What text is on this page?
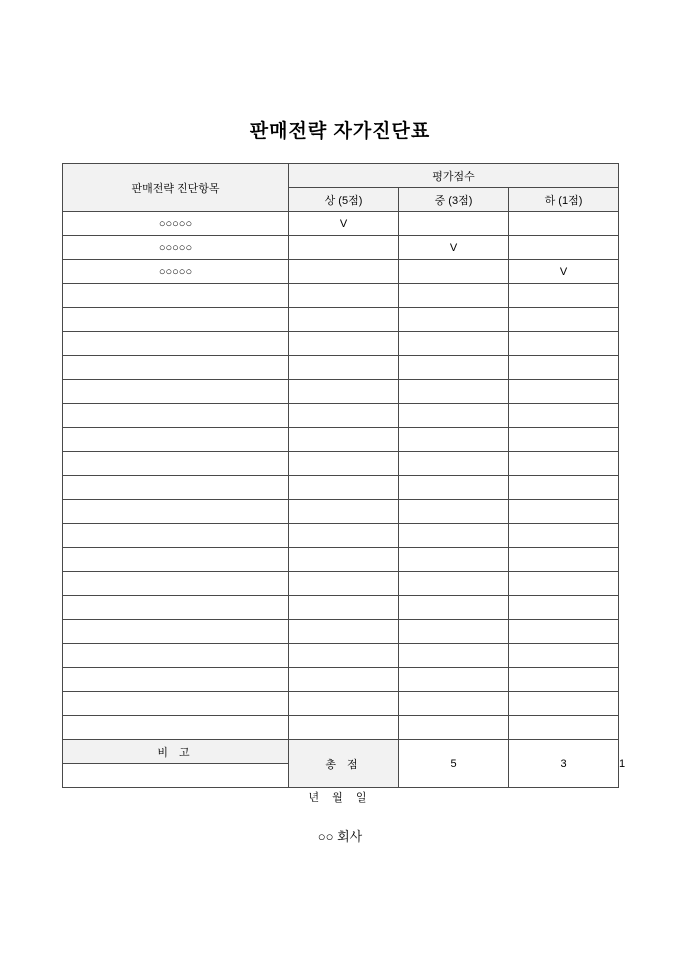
판매전략 자가진단표
판매전략 진단항목	평가점수			
	상 (5점)	중 (3점)	하 (1점)	
○○○○○	V			
○○○○○		V		
○○○○○			V	

비 고	총 점	5	3	1

년 월 일
○○ 회사
